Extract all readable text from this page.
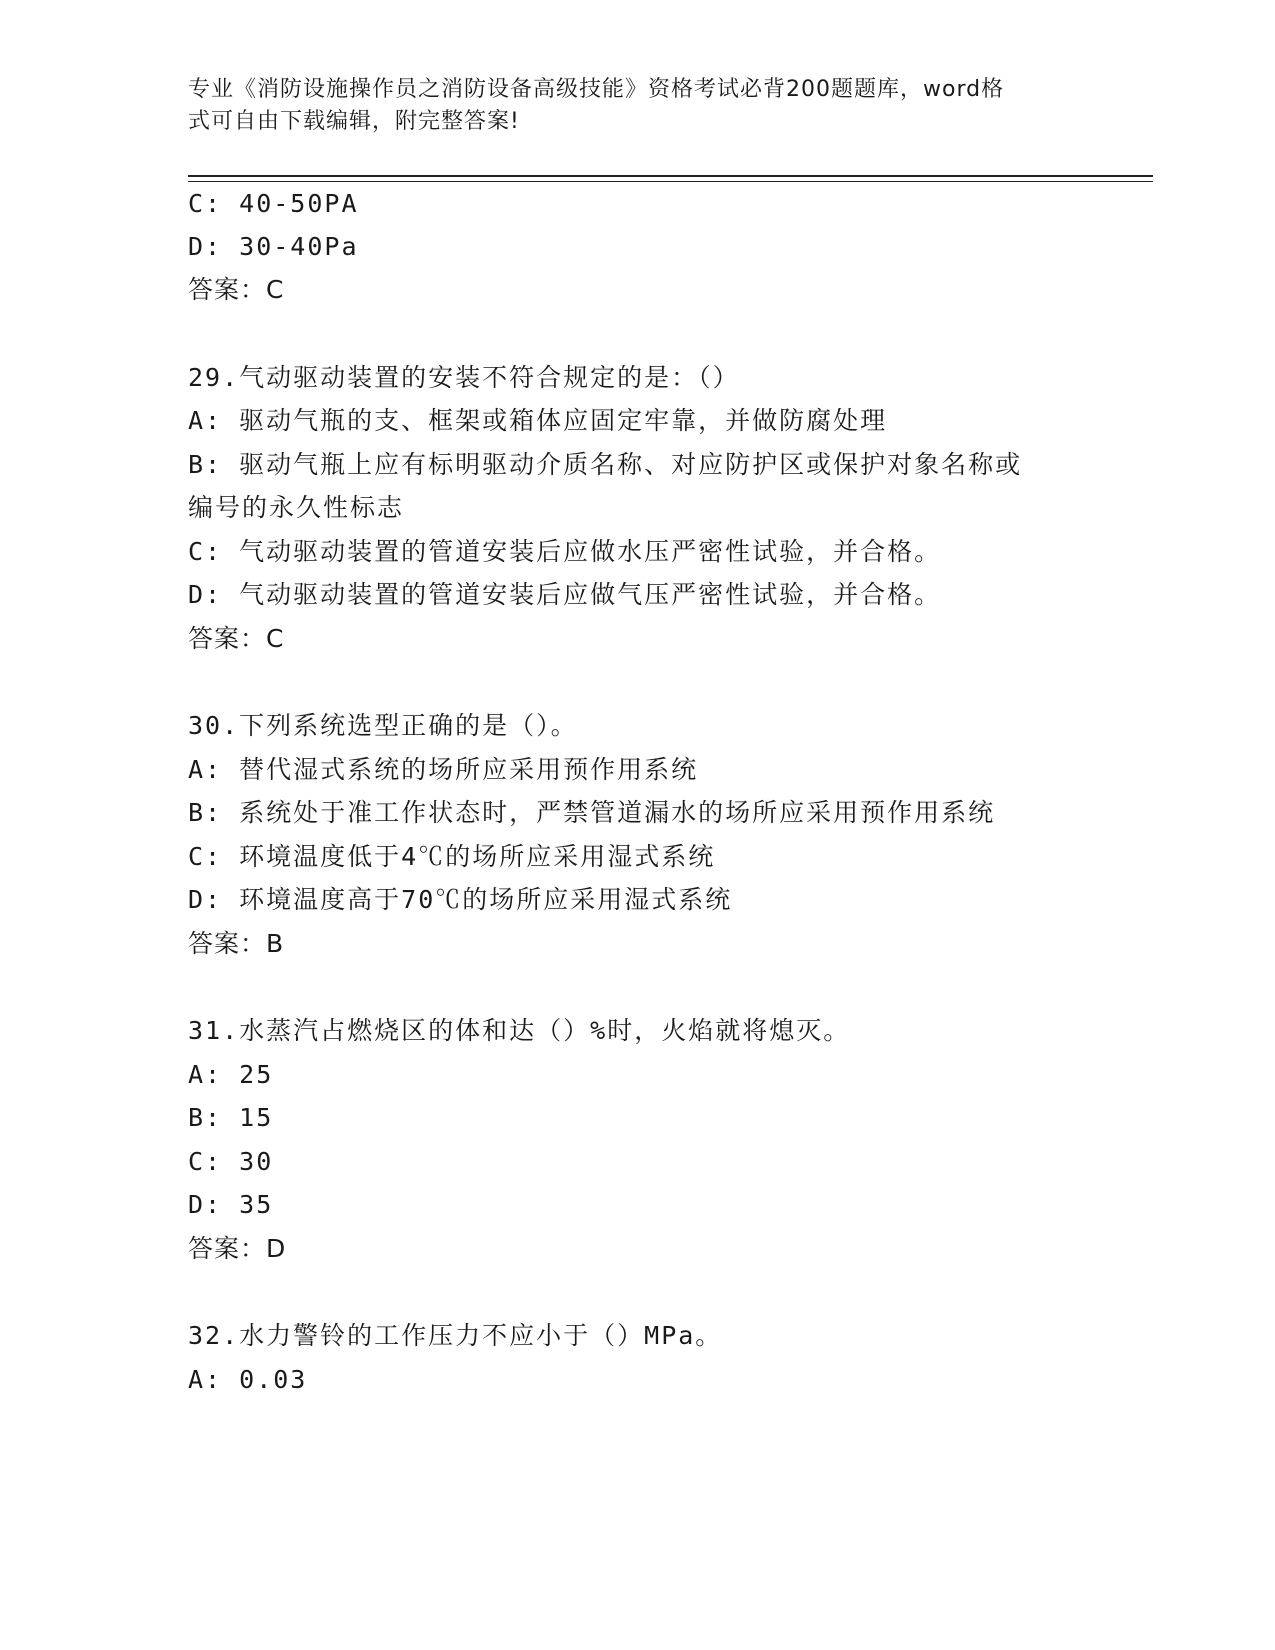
专业《消防设施操作员之消防设备高级技能》资格考试必背200题题库，word格
式可自由下载编辑，附完整答案!
C: 40-50PA
D: 30-40Pa
答案：C
29.气动驱动装置的安装不符合规定的是：（）
A: 驱动气瓶的支、框架或箱体应固定牢靠，并做防腐处理
B: 驱动气瓶上应有标明驱动介质名称、对应防护区或保护对象名称或
编号的永久性标志
C: 气动驱动装置的管道安装后应做水压严密性试验，并合格。
D: 气动驱动装置的管道安装后应做气压严密性试验，并合格。
答案：C
30.下列系统选型正确的是（）。
A: 替代湿式系统的场所应采用预作用系统
B: 系统处于准工作状态时，严禁管道漏水的场所应采用预作用系统
C: 环境温度低于4℃的场所应采用湿式系统
D: 环境温度高于70℃的场所应采用湿式系统
答案：B
31.水蒸汽占燃烧区的体和达（）%时，火焰就将熄灭。
A: 25
B: 15
C: 30
D: 35
答案：D
32.水力警铃的工作压力不应小于（）MPa。
A: 0.03
